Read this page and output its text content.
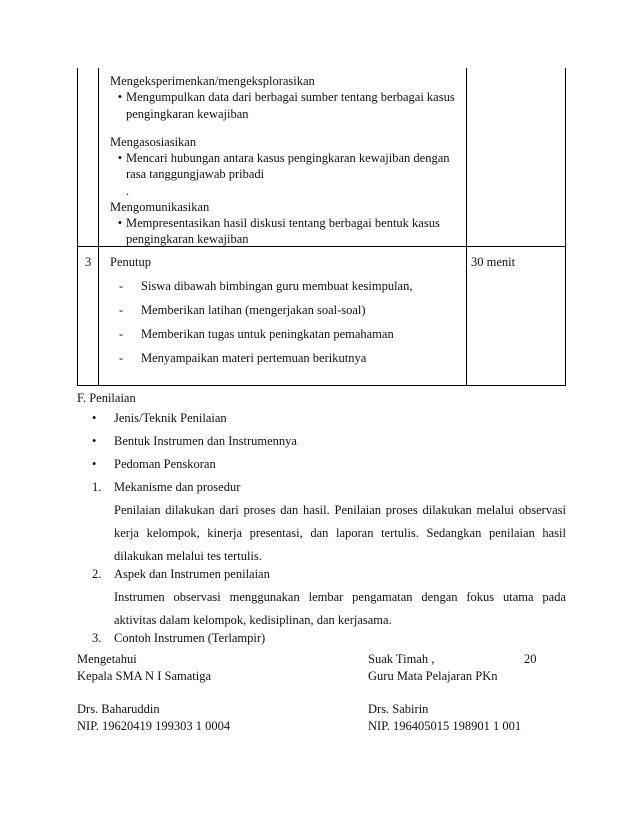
Mengeksperimenkan/mengeksplorasikan

• Mengumpulkan data dari berbagai sumber tentang berbagai kasus
pengingkaran kewajiban

Mengasosiasikan

• Mencari hubungan antara kasus pengingkaran kewajiban dengan
rasa tanggungjawab pribadi
.

Mengomunikasikan

• Mempresentasikan hasil diskusi tentang berbagai bentuk kasus
pengingkaran kewajiban
3 Penutup	30 menit
-	Siswa dibawah bimbingan guru membuat kesimpulan,
-	Memberikan latihan (mengerjakan soal-soal)
-	Memberikan tugas untuk peningkatan pemahaman
-	Menyampaikan materi pertemuan berikutnya
F. Penilaian
•	Jenis/Teknik Penilaian
•	Bentuk Instrumen dan Instrumennya
•	Pedoman Penskoran
1.	Mekanisme dan prosedur
Penilaian dilakukan dari proses dan hasil. Penilaian proses dilakukan melalui observasi
kerja kelompok, kinerja presentasi, dan laporan tertulis. Sedangkan penilaian hasil
dilakukan melalui tes tertulis.
2.	Aspek dan Instrumen penilaian
Instrumen observasi menggunakan lembar pengamatan dengan fokus utama pada
aktivitas dalam kelompok, kedisiplinan, dan kerjasama.
3.	Contoh Instrumen (Terlampir)
Mengetahui
Kepala SMA N I Samatiga
Drs. Baharuddin
NIP. 19620419 199303 1 0004
Suak Timah ,	20
Guru Mata Pelajaran PKn
Drs. Sabirin
NIP. 196405015 198901 1 001
